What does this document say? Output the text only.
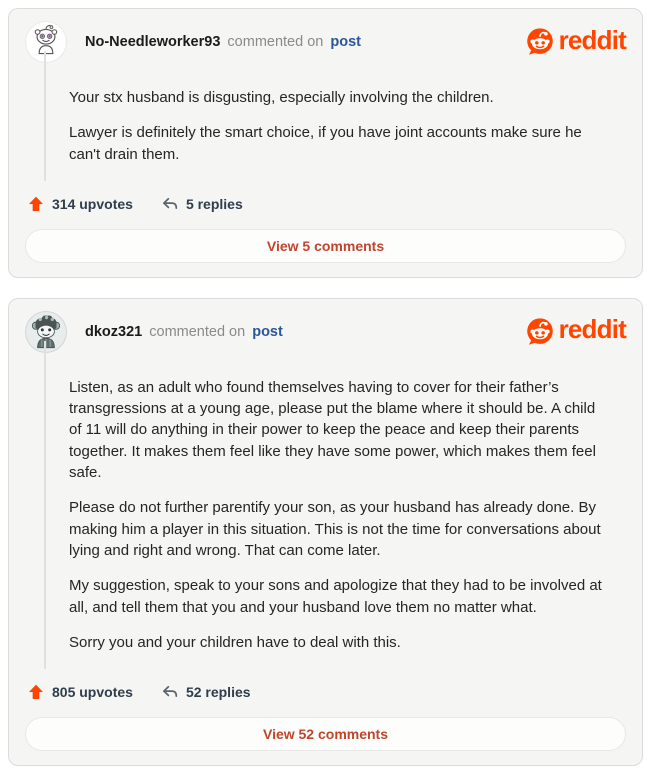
No-Needleworker93 commented on post	reddit

Your stx husband is disgusting, especially involving the children.

Lawyer is definitely the smart choice, if you have joint accounts make sure he can't drain them.

314 upvotes	5 replies
View 5 comments
dkoz321 commented on post	reddit

Listen, as an adult who found themselves having to cover for their father’s transgressions at a young age, please put the blame where it should be. A child of 11 will do anything in their power to keep the peace and keep their parents together. It makes them feel like they have some power, which makes them feel safe.

Please do not further parentify your son, as your husband has already done. By making him a player in this situation. This is not the time for conversations about lying and right and wrong. That can come later.

My suggestion, speak to your sons and apologize that they had to be involved at all, and tell them that you and your husband love them no matter what.

Sorry you and your children have to deal with this.

805 upvotes	52 replies
View 52 comments
